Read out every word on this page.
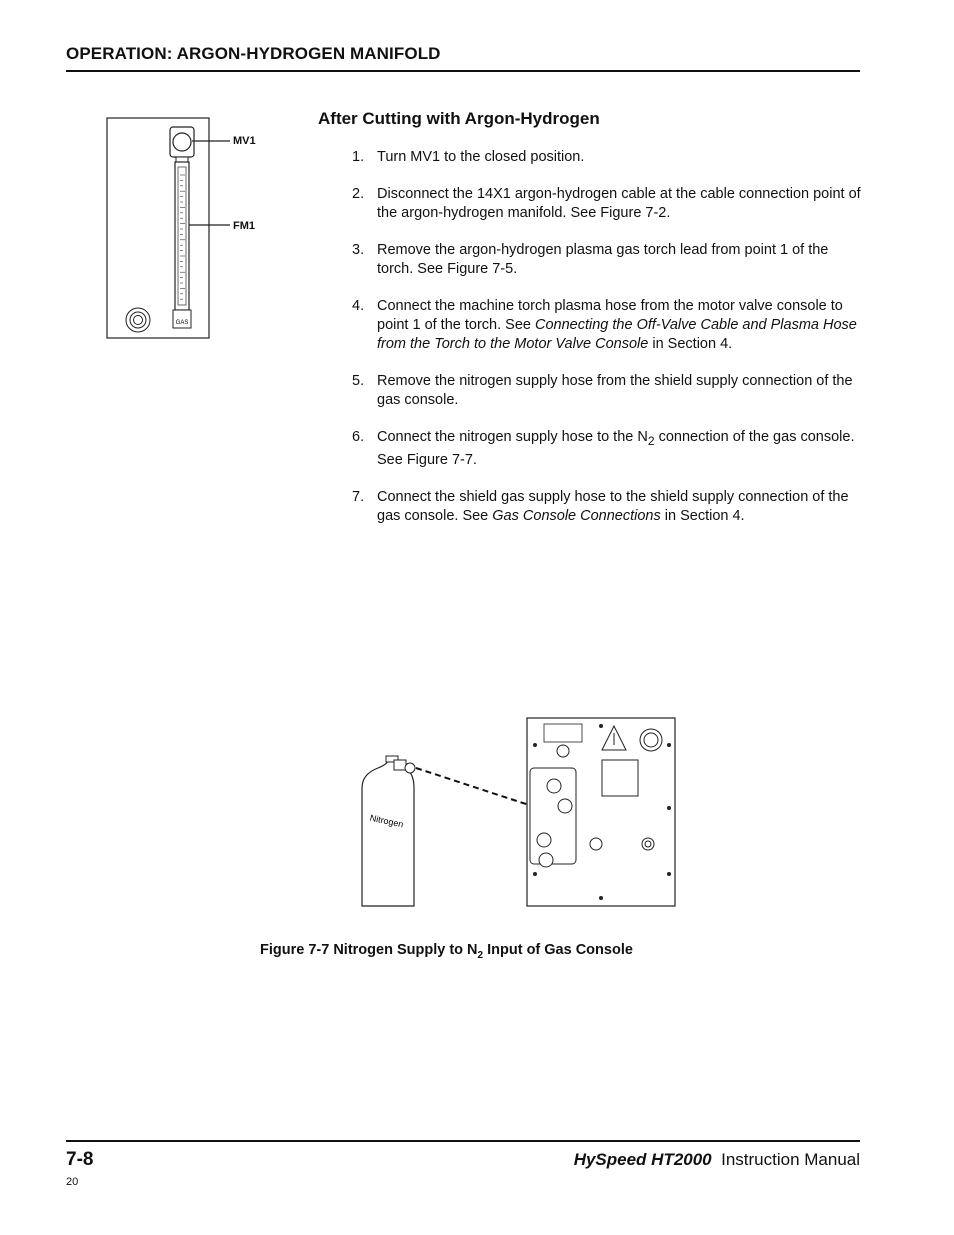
OPERATION: ARGON-HYDROGEN MANIFOLD
GAS
MV1
FM1
After Cutting with Argon-Hydrogen
1. Turn MV1 to the closed position.
2. Disconnect the 14X1 argon-hydrogen cable at the cable connection point of the argon-hydrogen manifold. See Figure 7-2.
3. Remove the argon-hydrogen plasma gas torch lead from point 1 of the torch. See Figure 7-5.
4. Connect the machine torch plasma hose from the motor valve console to point 1 of the torch. See Connecting the Off-Valve Cable and Plasma Hose from the Torch to the Motor Valve Console in Section 4.
5. Remove the nitrogen supply hose from the shield supply connection of the gas console.
6. Connect the nitrogen supply hose to the $N_2$ connection of the gas console. See Figure 7-7.
7. Connect the shield gas supply hose to the shield supply connection of the gas console. See Gas Console Connections in Section 4.
Nitrogen
Figure 7-7 Nitrogen Supply to $N_2$ Input of Gas Console
7-8	HySpeed HT2000 Instruction Manual
20
